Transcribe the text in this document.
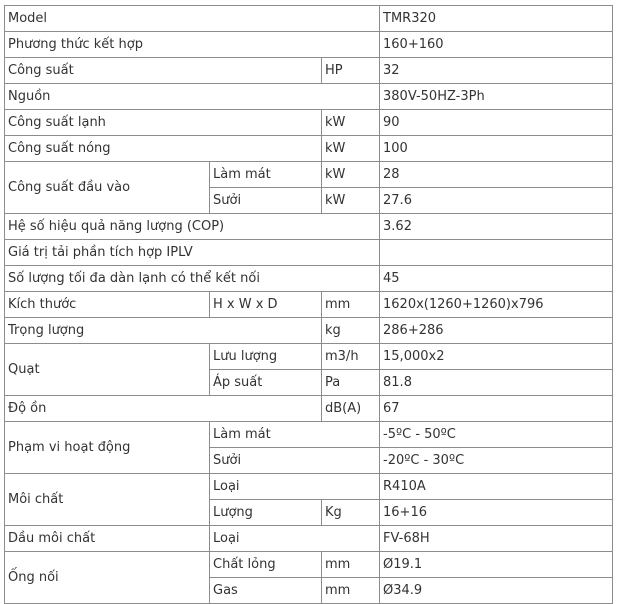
Model			TMR320
Phương thức kết hợp			160+160
Công suất		HP	32
Nguồn			380V-50HZ-3Ph
Công suất lạnh		kW	90
Công suất nóng		kW	100
Công suất đầu vào	Làm mát	kW	28
	Sưởi	kW	27.6
Hệ số hiệu quả năng lượng (COP)			3.62
Giá trị tải phần tích hợp IPLV			
Số lượng tối đa dàn lạnh có thể kết nối			45
Kích thước	H x W x D	mm	1620x(1260+1260)x796
Trọng lượng		kg	286+286
Quạt	Lưu lượng	m3/h	15,000x2
	Áp suất	Pa	81.8
Độ ồn		dB(A)	67
Phạm vi hoạt động	Làm mát		-5ºC - 50ºC
	Sưởi		-20ºC - 30ºC
Môi chất	Loại		R410A
	Lượng	Kg	16+16
Dầu môi chất	Loại		FV-68H
Ống nối	Chất lỏng	mm	Ø19.1
	Gas	mm	Ø34.9
